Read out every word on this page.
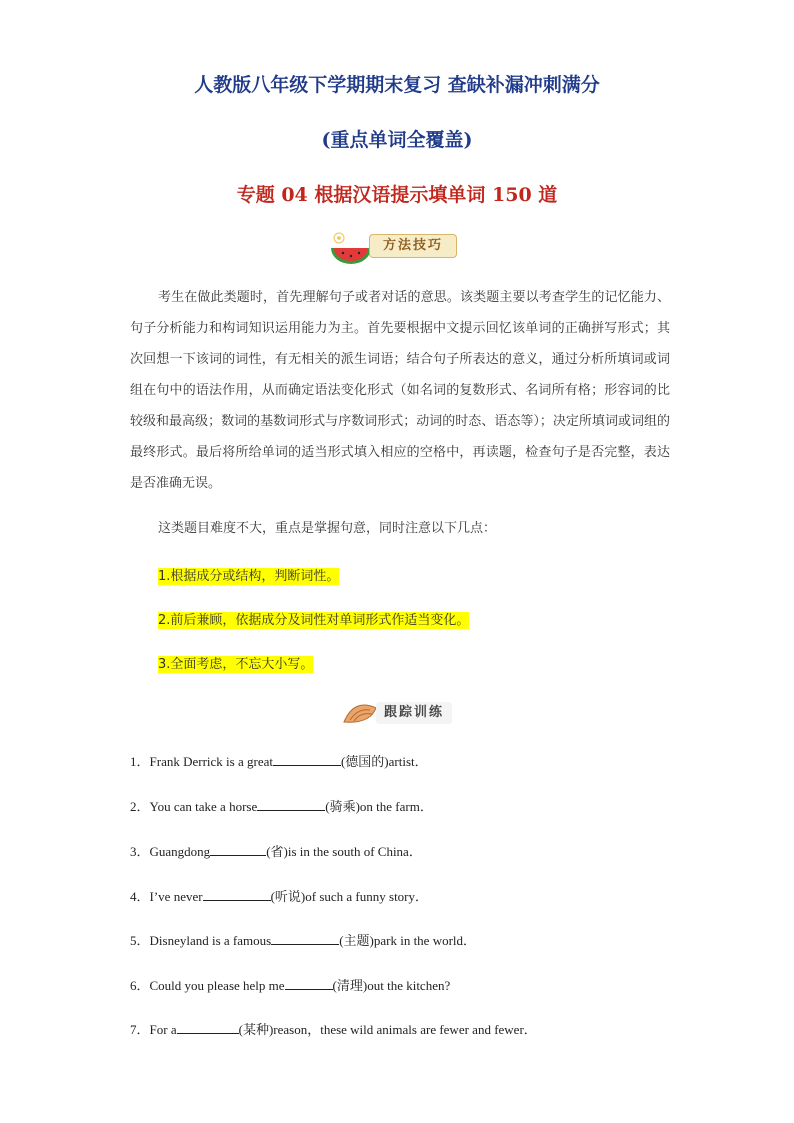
人教版八年级下学期期末复习 查缺补漏冲刺满分
(重点单词全覆盖)
专题 04 根据汉语提示填单词 150 道
方法技巧
考生在做此类题时，首先理解句子或者对话的意思。该类题主要以考查学生的记忆能力、句子分析能力和构词知识运用能力为主。首先要根据中文提示回忆该单词的正确拼写形式；其次回想一下该词的词性，有无相关的派生词语；结合句子所表达的意义，通过分析所填词或词组在句中的语法作用，从而确定语法变化形式（如名词的复数形式、名词所有格；形容词的比较级和最高级；数词的基数词形式与序数词形式；动词的时态、语态等）；决定所填词或词组的最终形式。最后将所给单词的适当形式填入相应的空格中，再读题，检查句子是否完整，表达是否准确无误。
这类题目难度不大，重点是掌握句意，同时注意以下几点：
1.根据成分或结构，判断词性。
2.前后兼顾，依据成分及词性对单词形式作适当变化。
3.全面考虑，不忘大小写。
跟踪训练
1．Frank Derrick is a great	(德国的)artist．
2．You can take a horse	(骑乘)on the farm．
3．Guangdong	(省)is in the south of China．
4．I’ve never	(听说)of such a funny story．
5．Disneyland is a famous	(主题)park in the world．
6．Could you please help me	(清理)out the kitchen?
7．For a	(某种)reason，these wild animals are fewer and fewer．
